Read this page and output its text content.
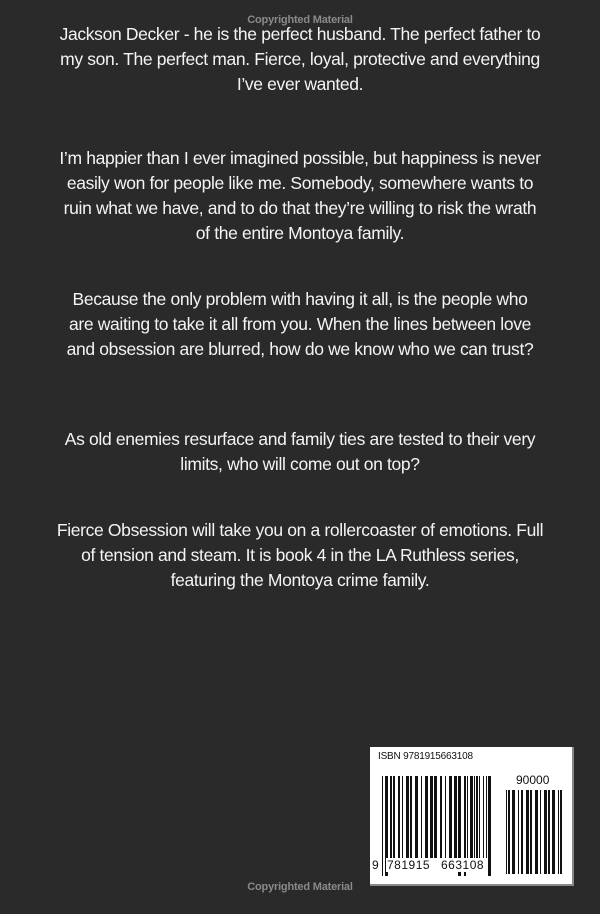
Copyrighted Material
Jackson Decker - he is the perfect husband. The perfect father to
my son. The perfect man. Fierce, loyal, protective and everything
I’ve ever wanted.
I’m happier than I ever imagined possible, but happiness is never
easily won for people like me. Somebody, somewhere wants to
ruin what we have, and to do that they’re willing to risk the wrath
of the entire Montoya family.
Because the only problem with having it all, is the people who
are waiting to take it all from you. When the lines between love
and obsession are blurred, how do we know who we can trust?
As old enemies resurface and family ties are tested to their very
limits, who will come out on top?
Fierce Obsession will take you on a rollercoaster of emotions. Full
of tension and steam. It is book 4 in the LA Ruthless series,
featuring the Montoya crime family.
ISBN 9781915663108
90000
9 781915 663108
Copyrighted Material
